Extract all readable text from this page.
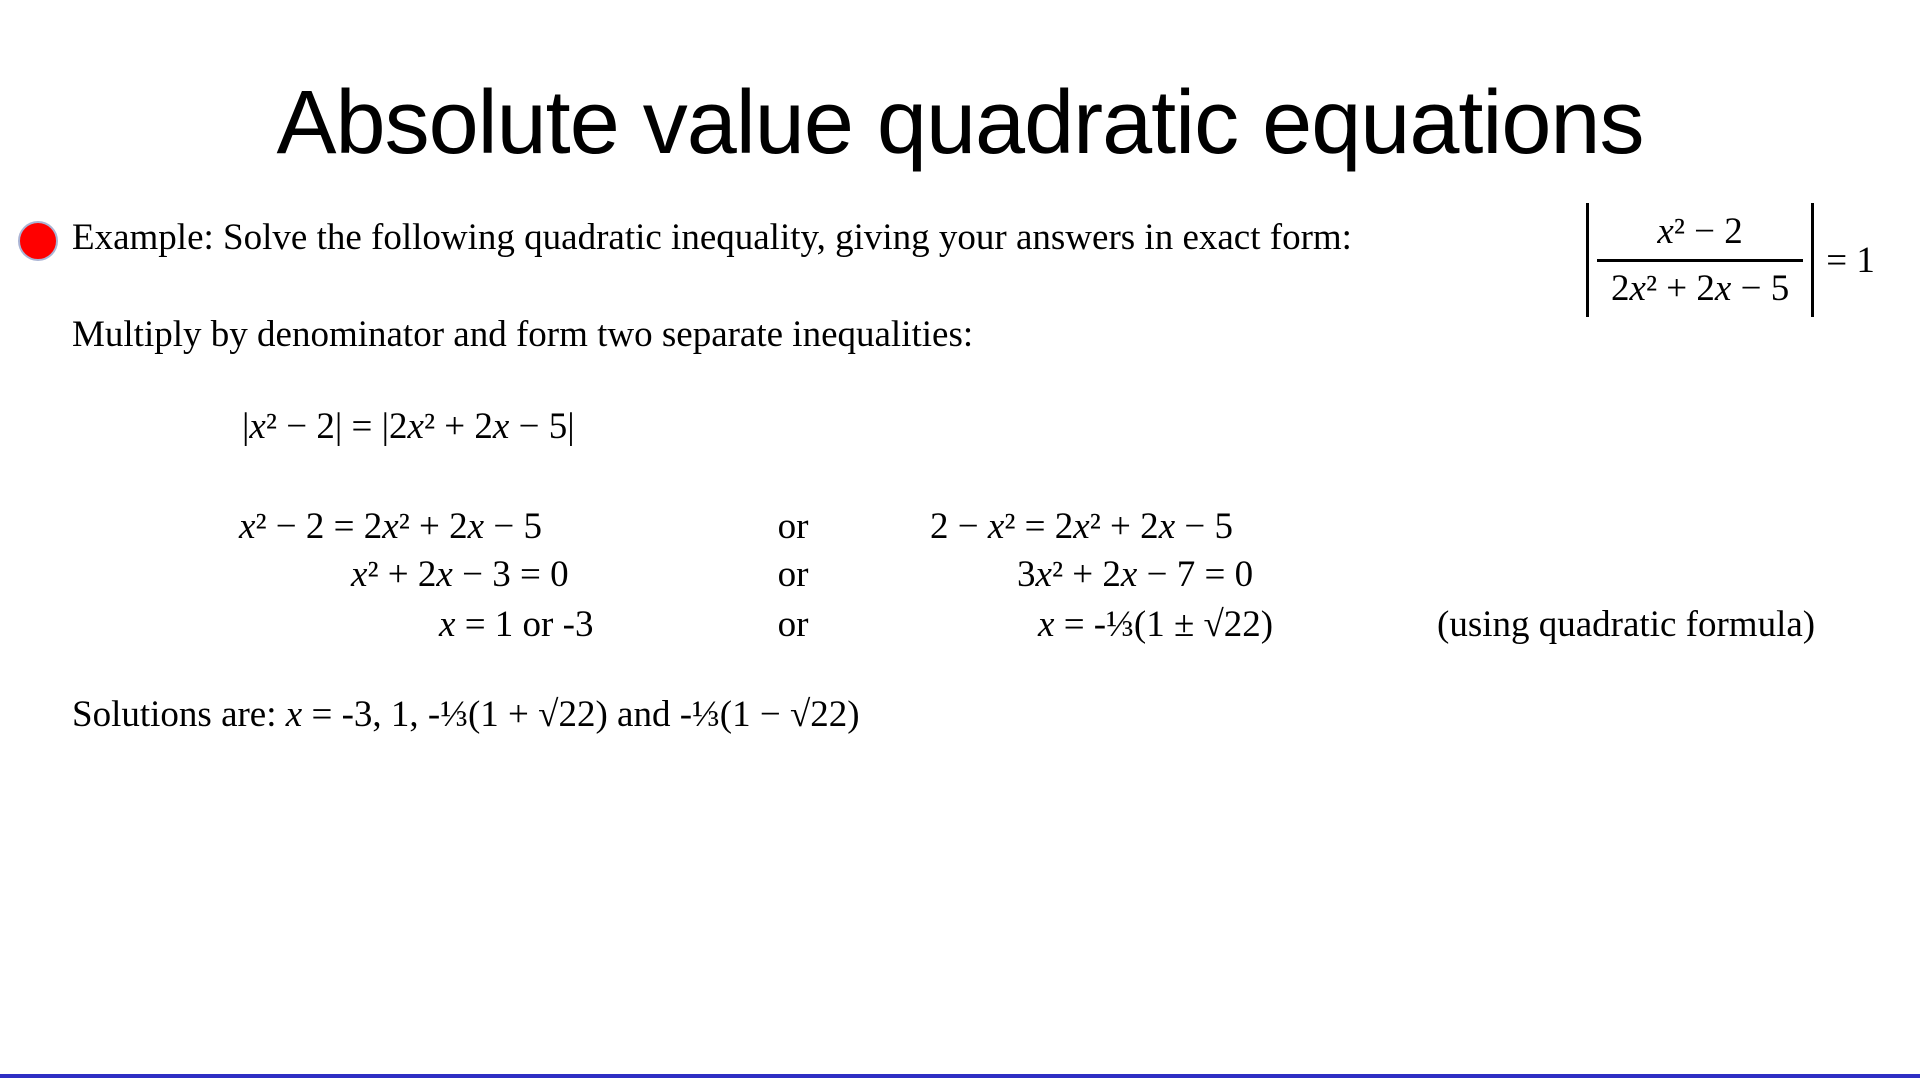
Absolute value quadratic equations
Example: Solve the following quadratic inequality, giving your answers in exact form:	$\frac{\text{x² − 2}}{\text{2x² + 2x − 5}} = 1$
Multiply by denominator and form two separate inequalities:
|x² − 2| = |2x² + 2x − 5|
x² − 2 = 2x² + 2x − 5	or	2 − x² = 2x² + 2x − 5
x² + 2x − 3 = 0	or	3x² + 2x − 7 = 0
x = 1 or -3	or	x = -⅓(1 ± √22)	(using quadratic formula)
Solutions are: x = -3, 1, -⅓(1 + √22) and -⅓(1 − √22)
